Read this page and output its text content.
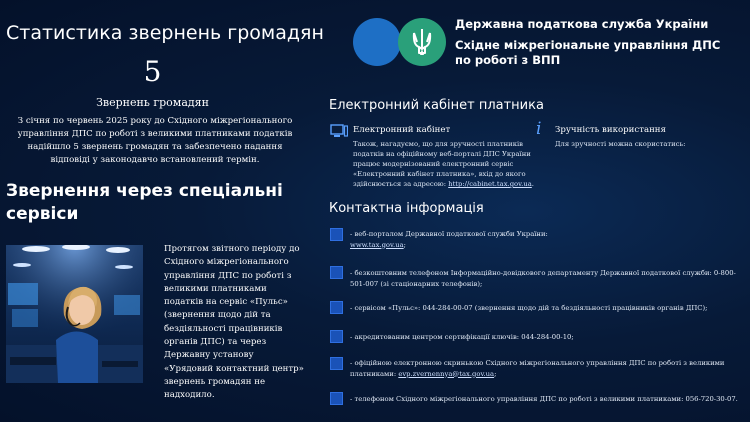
Статистика звернень громадян
5
Звернень громадян

З січня по червень 2025 року до Східного міжрегіонального управління ДПС по роботі з великими платниками податків надійшло 5 звернень громадян та забезпечено надання відповіді у законодавчо встановлений термін.

Звернення через спеціальні сервіси

Протягом звітного періоду до Східного міжрегіонального управління ДПС по роботі з великими платниками податків на сервіс «Пульс» (звернення щодо дій та бездіяльності працівників органів ДПС) та через Державну установу «Урядовий контактний центр» звернень громадян не надходило.

Державна податкова служба України
Східне міжрегіональне управління ДПС по роботі з ВПП
Електронний кабінет платника
Електронний кабінет
Також, нагадуємо, що для зручності платників податків на офіційному веб-порталі ДПС України працює модернізований електронний сервіс «Електронний кабінет платника», вхід до якого здійснюється за адресою: http://cabinet.tax.gov.ua.
i Зручність використання
Для зручності можна скористатись:
Контактна інформація
- веб-порталом Державної податкової служби України:
www.tax.gov.ua;
- безкоштовним телефоном Інформаційно-довідкового департаменту Державної податкової служби: 0-800-501-007 (зі стаціонарних телефонів);
- сервісом «Пульс»: 044-284-00-07 (звернення щодо дій та бездіяльності працівників органів ДПС);
- акредитованим центром сертифікації ключів: 044-284-00-10;
- офіційною електронною скринькою Східного міжрегіонального управління ДПС по роботі з великими платниками: evp.zvernennya@tax.gov.ua;
- телефоном Східного міжрегіонального управління ДПС по роботі з великими платниками: 056-720-30-07.
